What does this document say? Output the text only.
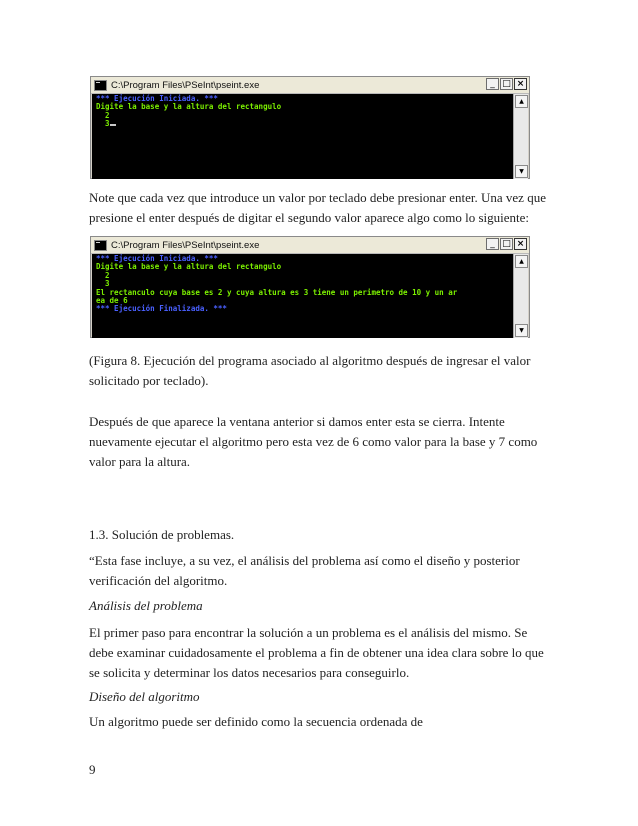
C:\Program Files\PSeInt\pseint.exe	_ □ ×
*** Ejecución Iniciada. ***
Digite la base y la altura del rectangulo
2
3
▲
▼

Note que cada vez que introduce un valor por teclado debe presionar enter. Una vez que presione el enter después de digitar el segundo valor aparece algo como lo siguiente:

C:\Program Files\PSeInt\pseint.exe	_ □ ×
*** Ejecución Iniciada. ***
Digite la base y la altura del rectangulo
2
3
El rectanculo cuya base es 2 y cuya altura es 3 tiene un perimetro de 10 y un ar
ea de 6
*** Ejecución Finalizada. ***
▲
▼

(Figura 8. Ejecución del programa asociado al algoritmo después de ingresar el valor solicitado por teclado).

Después de que aparece la ventana anterior si damos enter esta se cierra. Intente nuevamente ejecutar el algoritmo pero esta vez de 6 como valor para la base y 7 como valor para la altura.

1.3. Solución de problemas.

“Esta fase incluye, a su vez, el análisis del problema así como el diseño y posterior verificación del algoritmo.

Análisis del problema

El primer paso para encontrar la solución a un problema es el análisis del mismo. Se debe examinar cuidadosamente el problema a fin de obtener una idea clara sobre lo que se solicita y determinar los datos necesarios para conseguirlo.

Diseño del algoritmo

Un algoritmo puede ser definido como la secuencia ordenada de

9
